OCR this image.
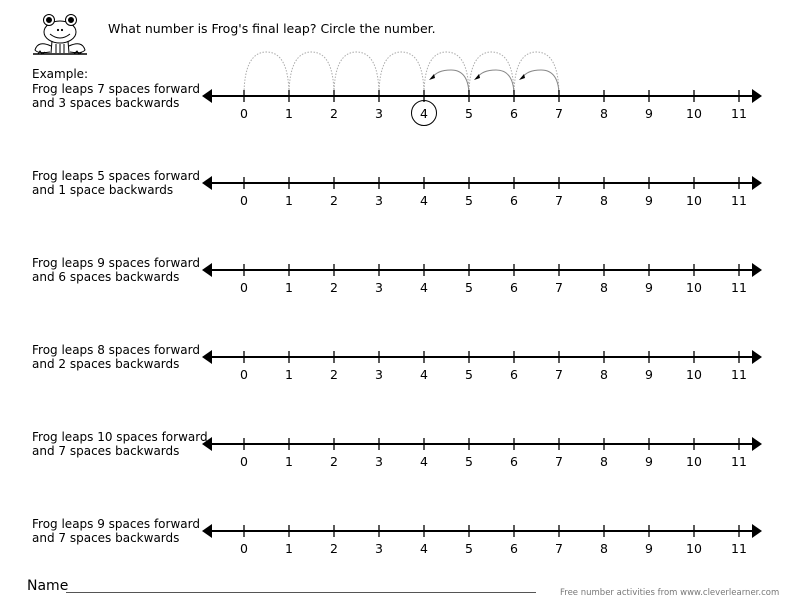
What number is Frog's final leap? Circle the number.
Example:
Frog leaps 7 spaces forward
and 3 spaces backwards
0	1	2	3	4	5	6	7	8	9	10	11
Frog leaps 5 spaces forward
and 1 space backwards
0	1	2	3	4	5	6	7	8	9	10	11
Frog leaps 9 spaces forward
and 6 spaces backwards
0	1	2	3	4	5	6	7	8	9	10	11
Frog leaps 8 spaces forward
and 2 spaces backwards
0	1	2	3	4	5	6	7	8	9	10	11
Frog leaps 10 spaces forward
and 7 spaces backwards
0	1	2	3	4	5	6	7	8	9	10	11
Frog leaps 9 spaces forward
and 7 spaces backwards
0	1	2	3	4	5	6	7	8	9	10	11
Name	Free number activities from www.cleverlearner.com
